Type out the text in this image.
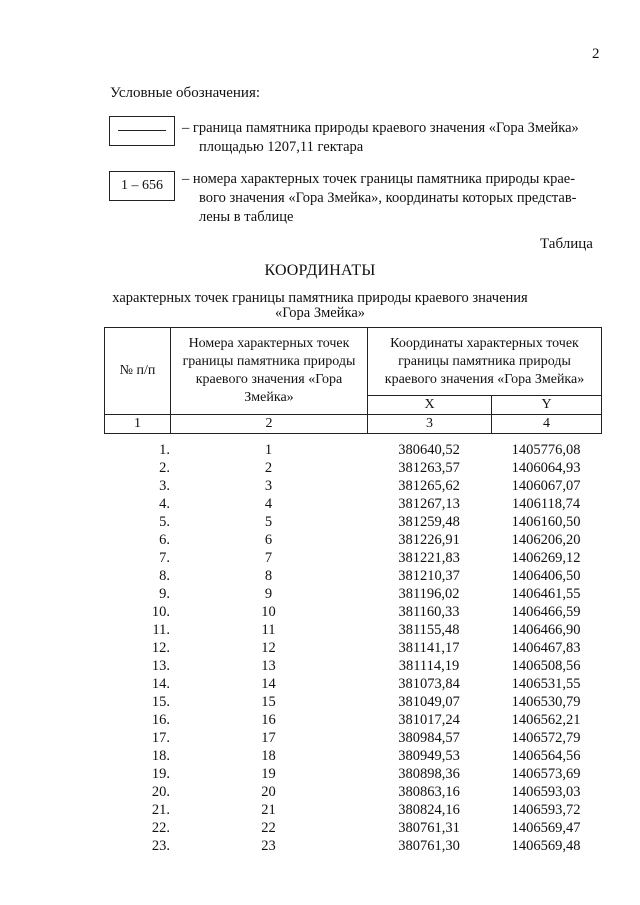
2
Условные обозначения:
– граница памятника природы краевого значения «Гора Змейка»
площадью 1207,11 гектара
1 – 656	– номера характерных точек границы памятника природы крае-
вого значения «Гора Змейка», координаты которых представ-
лены в таблице
Таблица
КООРДИНАТЫ
характерных точек границы памятника природы краевого значения
«Гора Змейка»
№ п/п	Номера характерных точек границы памятника природы краевого значения «Гора Змейка»	Координаты характерных точек границы памятника природы краевого значения «Гора Змейка»	
		X	Y
1	2	3	4
1.	1	380640,52	1405776,08
2.	2	381263,57	1406064,93
3.	3	381265,62	1406067,07
4.	4	381267,13	1406118,74
5.	5	381259,48	1406160,50
6.	6	381226,91	1406206,20
7.	7	381221,83	1406269,12
8.	8	381210,37	1406406,50
9.	9	381196,02	1406461,55
10.	10	381160,33	1406466,59
11.	11	381155,48	1406466,90
12.	12	381141,17	1406467,83
13.	13	381114,19	1406508,56
14.	14	381073,84	1406531,55
15.	15	381049,07	1406530,79
16.	16	381017,24	1406562,21
17.	17	380984,57	1406572,79
18.	18	380949,53	1406564,56
19.	19	380898,36	1406573,69
20.	20	380863,16	1406593,03
21.	21	380824,16	1406593,72
22.	22	380761,31	1406569,47
23.	23	380761,30	1406569,48
